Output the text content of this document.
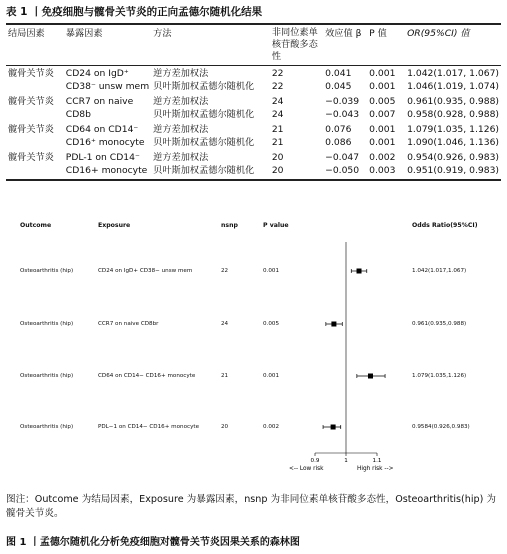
表 1 丨免疫细胞与髋骨关节炎的正向孟德尔随机化结果
结局因素	暴露因素	方法	非同位素单核苷酸多态性	效应值 β	P 值	OR(95%CI) 值
髋骨关节炎	CD24 on IgD⁺	逆方差加权法	22	0.041	0.001	1.042(1.017, 1.067)
	CD38⁻ unsw mem	贝叶斯加权孟德尔随机化	22	0.045	0.001	1.046(1.019, 1.074)
髋骨关节炎	CCR7 on naive	逆方差加权法	24	−0.039	0.005	0.961(0.935, 0.988)
	CD8b	贝叶斯加权孟德尔随机化	24	−0.043	0.007	0.958(0.928, 0.988)
髋骨关节炎	CD64 on CD14⁻	逆方差加权法	21	0.076	0.001	1.079(1.035, 1.126)
	CD16⁺ monocyte	贝叶斯加权孟德尔随机化	21	0.086	0.001	1.090(1.046, 1.136)
髋骨关节炎	PDL-1 on CD14⁻	逆方差加权法	20	−0.047	0.002	0.954(0.926, 0.983)
	CD16+ monocyte	贝叶斯加权孟德尔随机化	20	−0.050	0.003	0.951(0.919, 0.983)
Outcome	Exposure	nsnp	P value	Odds Ratio(95%CI)
Osteoarthritis (hip)	CD24 on IgD+ CD38− unsw mem	22	0.001	1.042(1.017,1.067)
Osteoarthritis (hip)	CCR7 on naive CD8br	24	0.005	0.961(0.935,0.988)
Osteoarthritis (hip)	CD64 on CD14− CD16+ monocyte	21	0.001	1.079(1.035,1.126)
Osteoarthritis (hip)	PDL−1 on CD14− CD16+ monocyte	20	0.002	0.9584(0.926,0.983)
0.9	1	1.1
<-- Low risk	High risk -->
图注：Outcome 为结局因素，Exposure 为暴露因素，nsnp 为非同位素单核苷酸多态性，Osteoarthritis(hip) 为髋骨关节炎。
图 1 丨孟德尔随机化分析免疫细胞对髋骨关节炎因果关系的森林图
